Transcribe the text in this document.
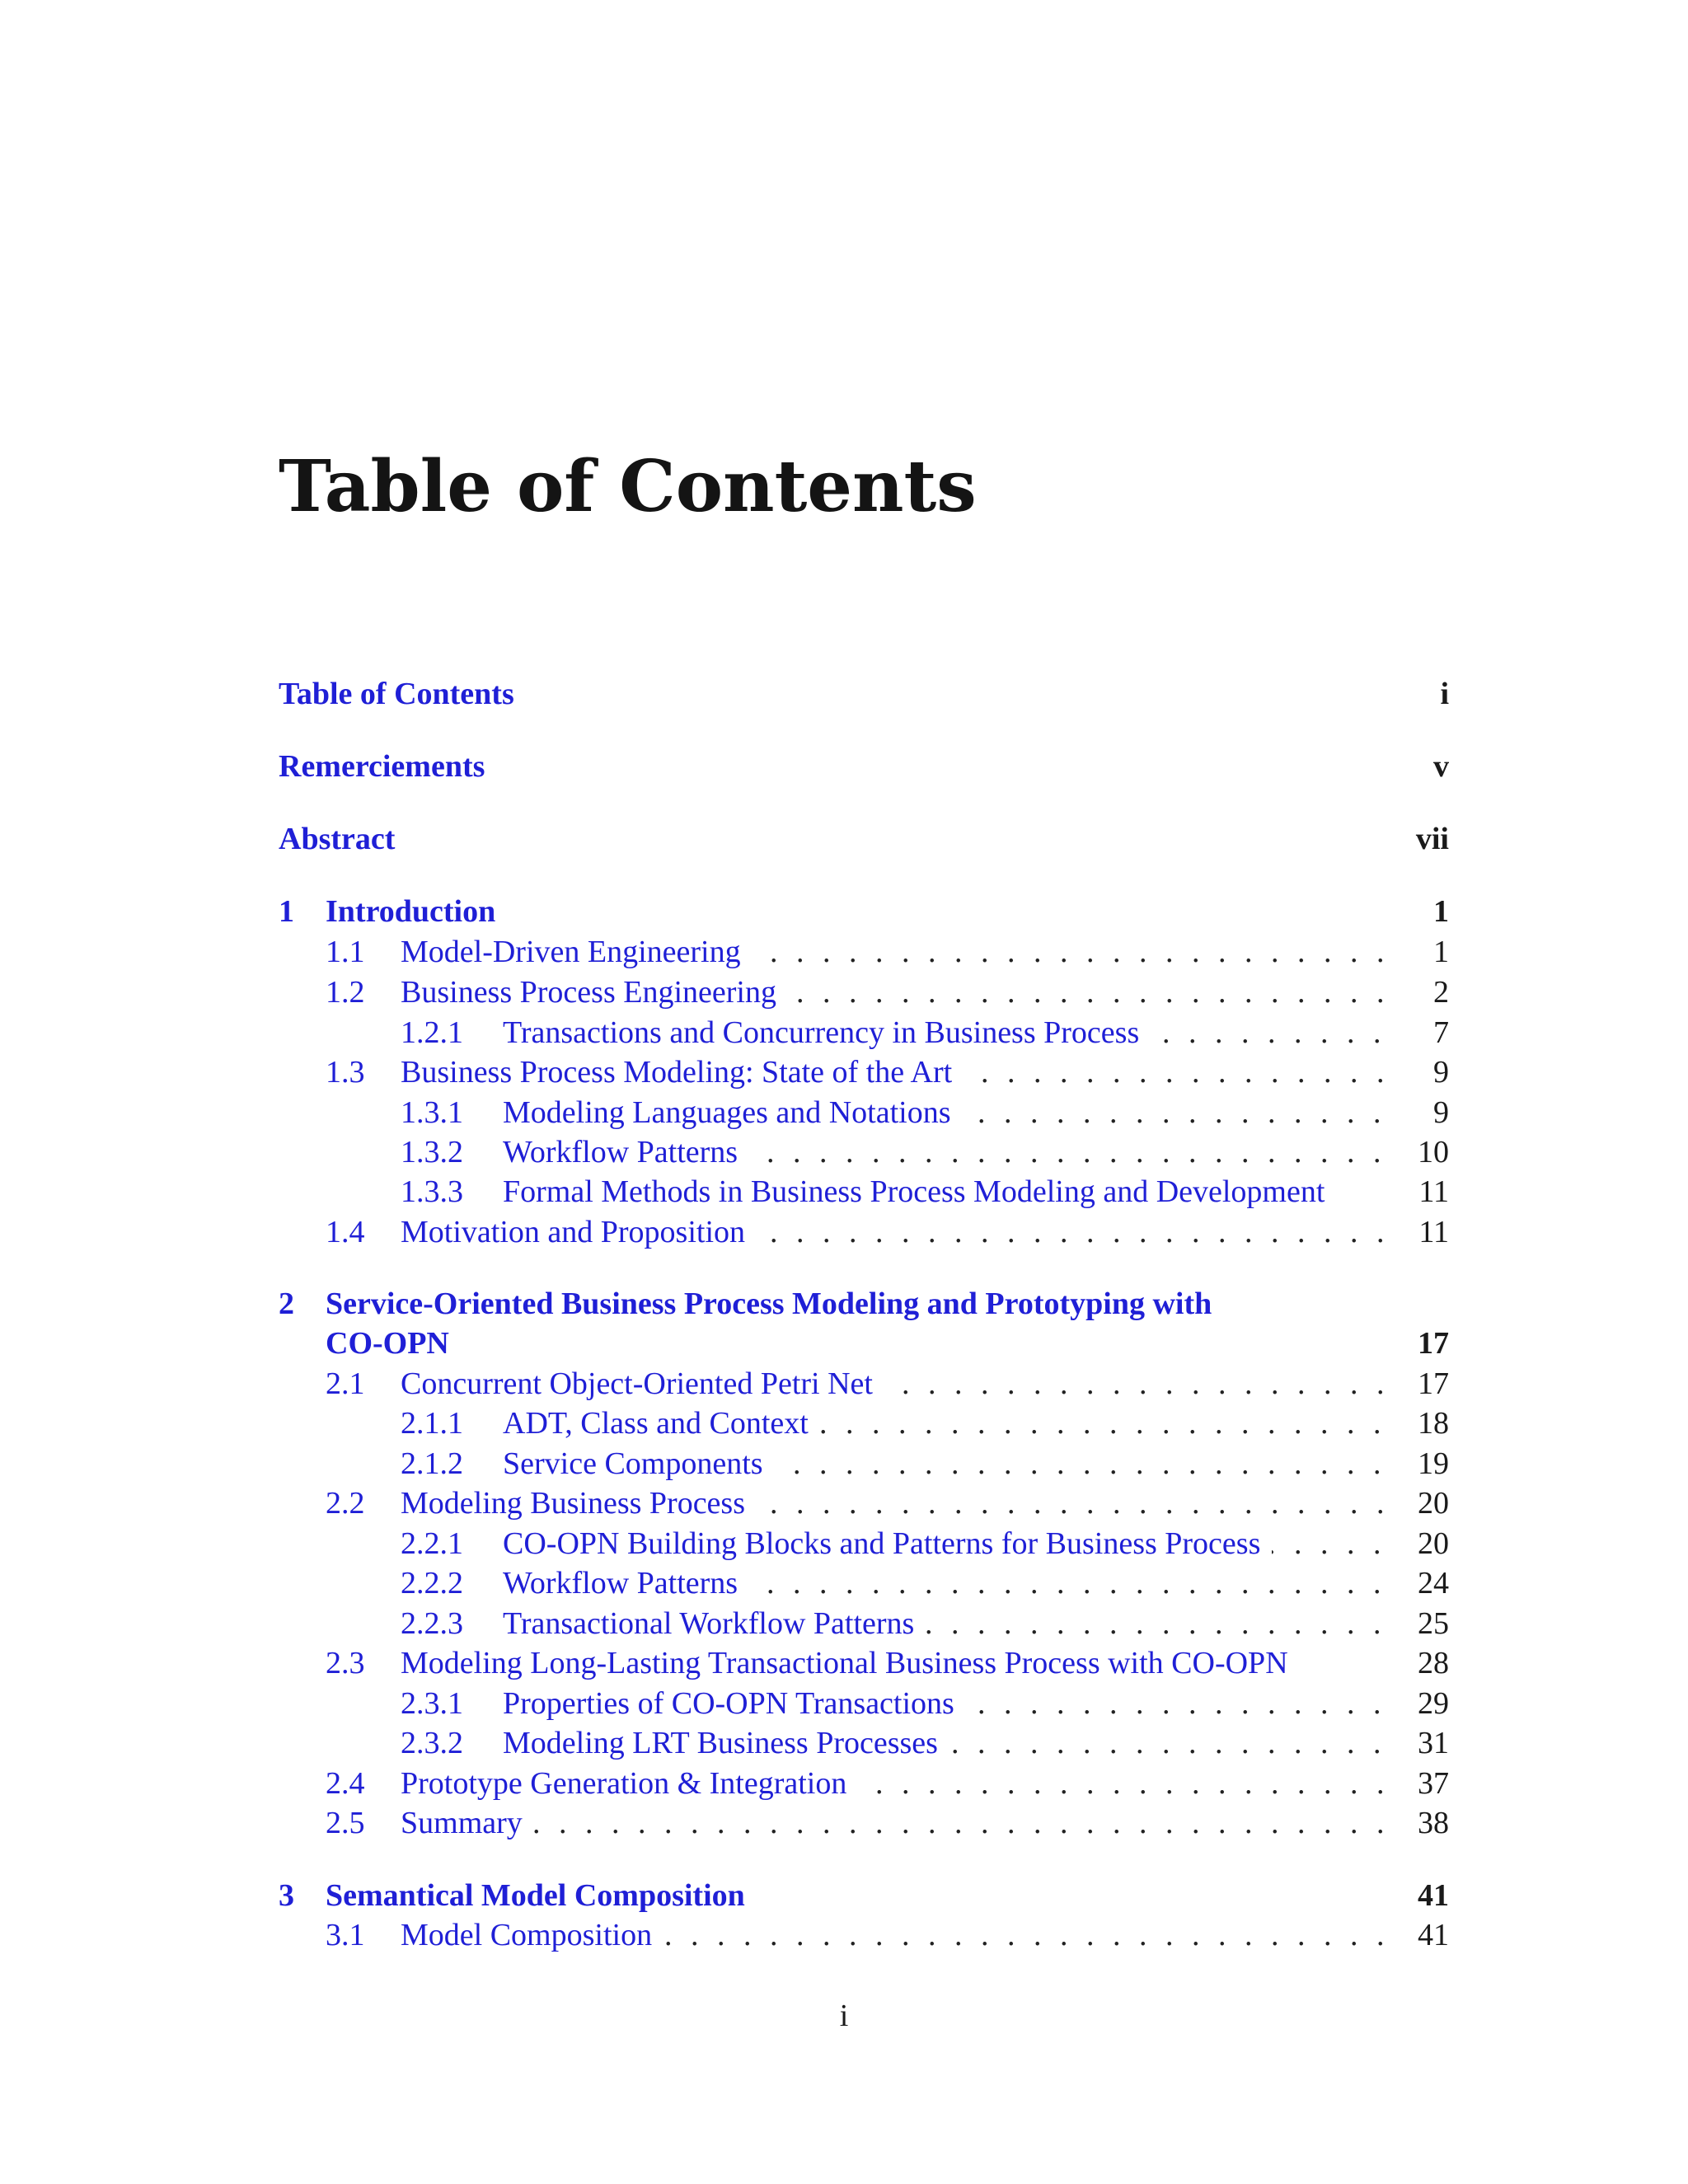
Table of Contents
Table of Contents	i
Remerciements	v
Abstract	vii
1 Introduction	1
1.1 Model-Driven Engineering . . .	1
1.2 Business Process Engineering . . .	2
1.2.1 Transactions and Concurrency in Business Process . . .	7
1.3 Business Process Modeling: State of the Art . . .	9
1.3.1 Modeling Languages and Notations . . .	9
1.3.2 Workflow Patterns . . .	10
1.3.3 Formal Methods in Business Process Modeling and Development	11
1.4 Motivation and Proposition . . .	11
2 Service-Oriented Business Process Modeling and Prototyping with
CO-OPN	17
2.1 Concurrent Object-Oriented Petri Net . . .	17
2.1.1 ADT, Class and Context . . .	18
2.1.2 Service Components . . .	19
2.2 Modeling Business Process . . .	20
2.2.1 CO-OPN Building Blocks and Patterns for Business Process . . .	20
2.2.2 Workflow Patterns . . .	24
2.2.3 Transactional Workflow Patterns . . .	25
2.3 Modeling Long-Lasting Transactional Business Process with CO-OPN	28
2.3.1 Properties of CO-OPN Transactions . . .	29
2.3.2 Modeling LRT Business Processes . . .	31
2.4 Prototype Generation & Integration . . .	37
2.5 Summary . . .	38
3 Semantical Model Composition	41
3.1 Model Composition . . .	41
i
